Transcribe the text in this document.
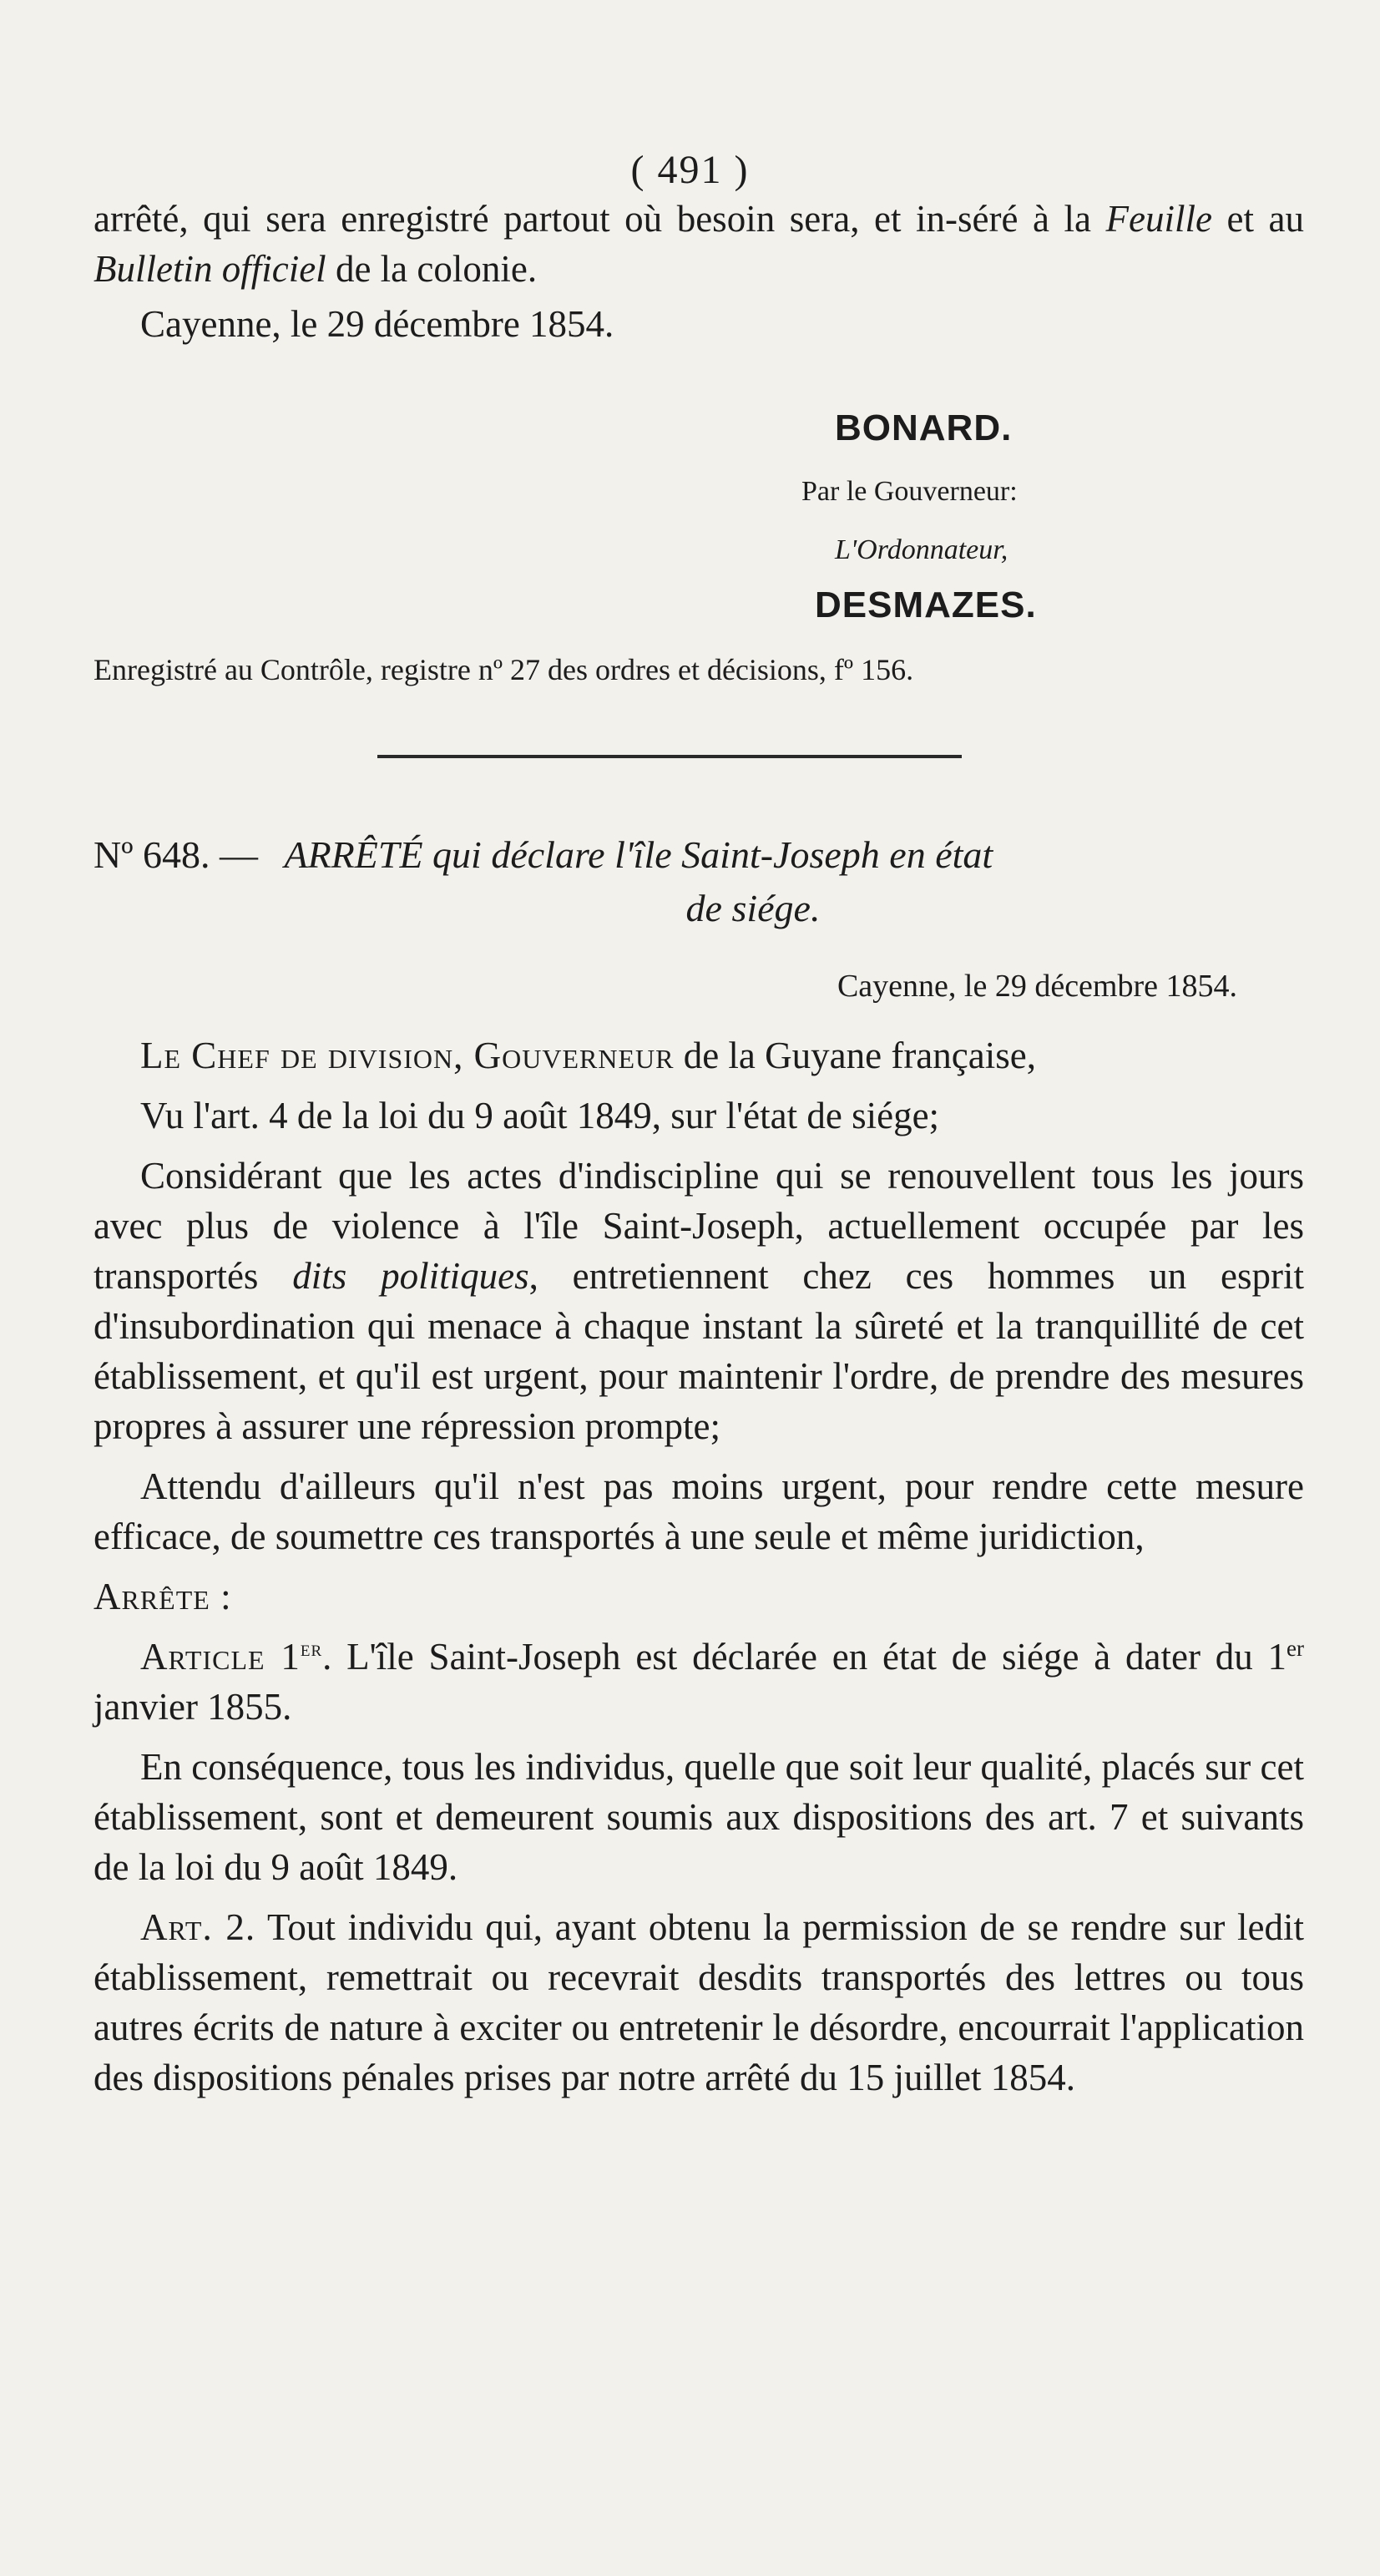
( 491 )

arrêté, qui sera enregistré partout où besoin sera, et in-séré à la Feuille et au Bulletin officiel de la colonie.

Cayenne, le 29 décembre 1854.

BONARD.
Par le Gouverneur:
L'Ordonnateur,
DESMAZES.
Enregistré au Contrôle, registre nº 27 des ordres et décisions, fº 156.
Nº 648. — ARRÊTÉ qui déclare l'île Saint-Joseph en état
de siége.
Cayenne, le 29 décembre 1854.

Le Chef de division, Gouverneur de la Guyane française,

Vu l'art. 4 de la loi du 9 août 1849, sur l'état de siége;

Considérant que les actes d'indiscipline qui se renouvellent tous les jours avec plus de violence à l'île Saint-Joseph, actuellement occupée par les transportés dits politiques, entretiennent chez ces hommes un esprit d'insubordination qui menace à chaque instant la sûreté et la tranquillité de cet établissement, et qu'il est urgent, pour maintenir l'ordre, de prendre des mesures propres à assurer une répression prompte;

Attendu d'ailleurs qu'il n'est pas moins urgent, pour rendre cette mesure efficace, de soumettre ces transportés à une seule et même juridiction,

Arrête :

Article 1er. L'île Saint-Joseph est déclarée en état de siége à dater du 1er janvier 1855.

En conséquence, tous les individus, quelle que soit leur qualité, placés sur cet établissement, sont et demeurent soumis aux dispositions des art. 7 et suivants de la loi du 9 août 1849.

Art. 2. Tout individu qui, ayant obtenu la permission de se rendre sur ledit établissement, remettrait ou recevrait desdits transportés des lettres ou tous autres écrits de nature à exciter ou entretenir le désordre, encourrait l'application des dispositions pénales prises par notre arrêté du 15 juillet 1854.
